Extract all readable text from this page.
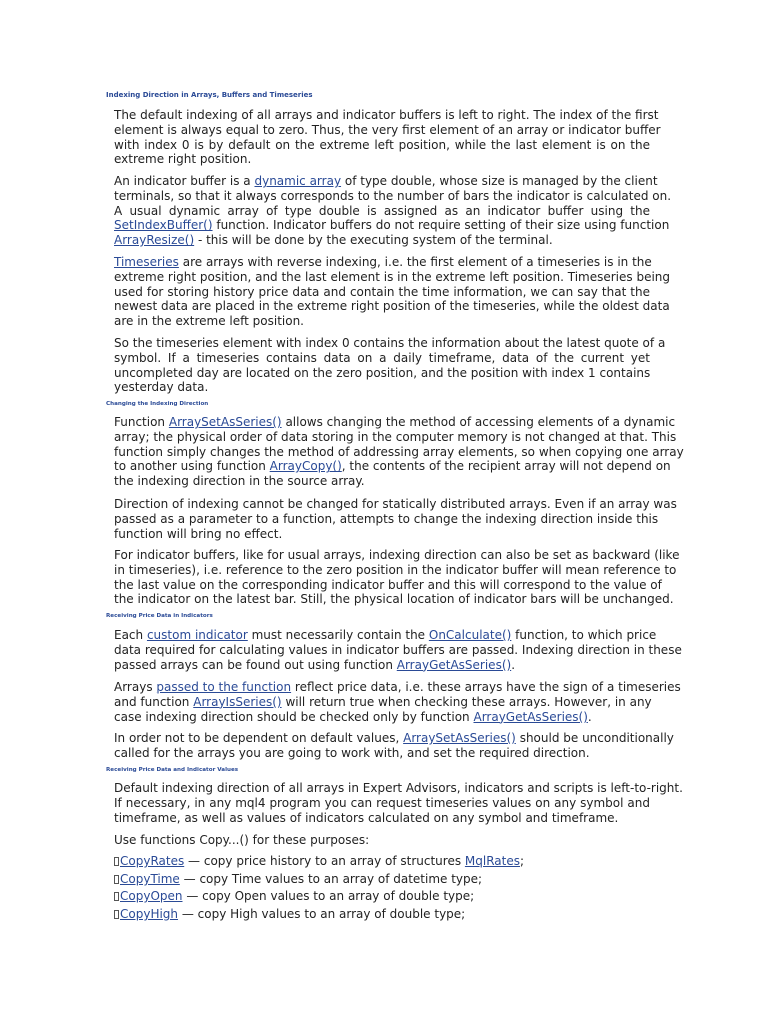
Indexing Direction in Arrays, Buffers and Timeseries
The default indexing of all arrays and indicator buffers is left to right. The index of the first
element is always equal to zero. Thus, the very first element of an array or indicator buffer
with index 0 is by default on the extreme left position, while the last element is on the
extreme right position.
An indicator buffer is a dynamic array of type double, whose size is managed by the client
terminals, so that it always corresponds to the number of bars the indicator is calculated on.
A usual dynamic array of type double is assigned as an indicator buffer using the
SetIndexBuffer() function. Indicator buffers do not require setting of their size using function
ArrayResize() - this will be done by the executing system of the terminal.
Timeseries are arrays with reverse indexing, i.e. the first element of a timeseries is in the
extreme right position, and the last element is in the extreme left position. Timeseries being
used for storing history price data and contain the time information, we can say that the
newest data are placed in the extreme right position of the timeseries, while the oldest data
are in the extreme left position.
So the timeseries element with index 0 contains the information about the latest quote of a
symbol. If a timeseries contains data on a daily timeframe, data of the current yet
uncompleted day are located on the zero position, and the position with index 1 contains
yesterday data.
Changing the Indexing Direction
Function ArraySetAsSeries() allows changing the method of accessing elements of a dynamic
array; the physical order of data storing in the computer memory is not changed at that. This
function simply changes the method of addressing array elements, so when copying one array
to another using function ArrayCopy(), the contents of the recipient array will not depend on
the indexing direction in the source array.
Direction of indexing cannot be changed for statically distributed arrays. Even if an array was
passed as a parameter to a function, attempts to change the indexing direction inside this
function will bring no effect.
For indicator buffers, like for usual arrays, indexing direction can also be set as backward (like
in timeseries), i.e. reference to the zero position in the indicator buffer will mean reference to
the last value on the corresponding indicator buffer and this will correspond to the value of
the indicator on the latest bar. Still, the physical location of indicator bars will be unchanged.
Receiving Price Data in Indicators
Each custom indicator must necessarily contain the OnCalculate() function, to which price
data required for calculating values in indicator buffers are passed. Indexing direction in these
passed arrays can be found out using function ArrayGetAsSeries().
Arrays passed to the function reflect price data, i.e. these arrays have the sign of a timeseries
and function ArrayIsSeries() will return true when checking these arrays. However, in any
case indexing direction should be checked only by function ArrayGetAsSeries().
In order not to be dependent on default values, ArraySetAsSeries() should be unconditionally
called for the arrays you are going to work with, and set the required direction.
Receiving Price Data and Indicator Values
Default indexing direction of all arrays in Expert Advisors, indicators and scripts is left-to-right.
If necessary, in any mql4 program you can request timeseries values on any symbol and
timeframe, as well as values of indicators calculated on any symbol and timeframe.
Use functions Copy...() for these purposes:
CopyRates — copy price history to an array of structures MqlRates;
CopyTime — copy Time values to an array of datetime type;
CopyOpen — copy Open values to an array of double type;
CopyHigh — copy High values to an array of double type;
